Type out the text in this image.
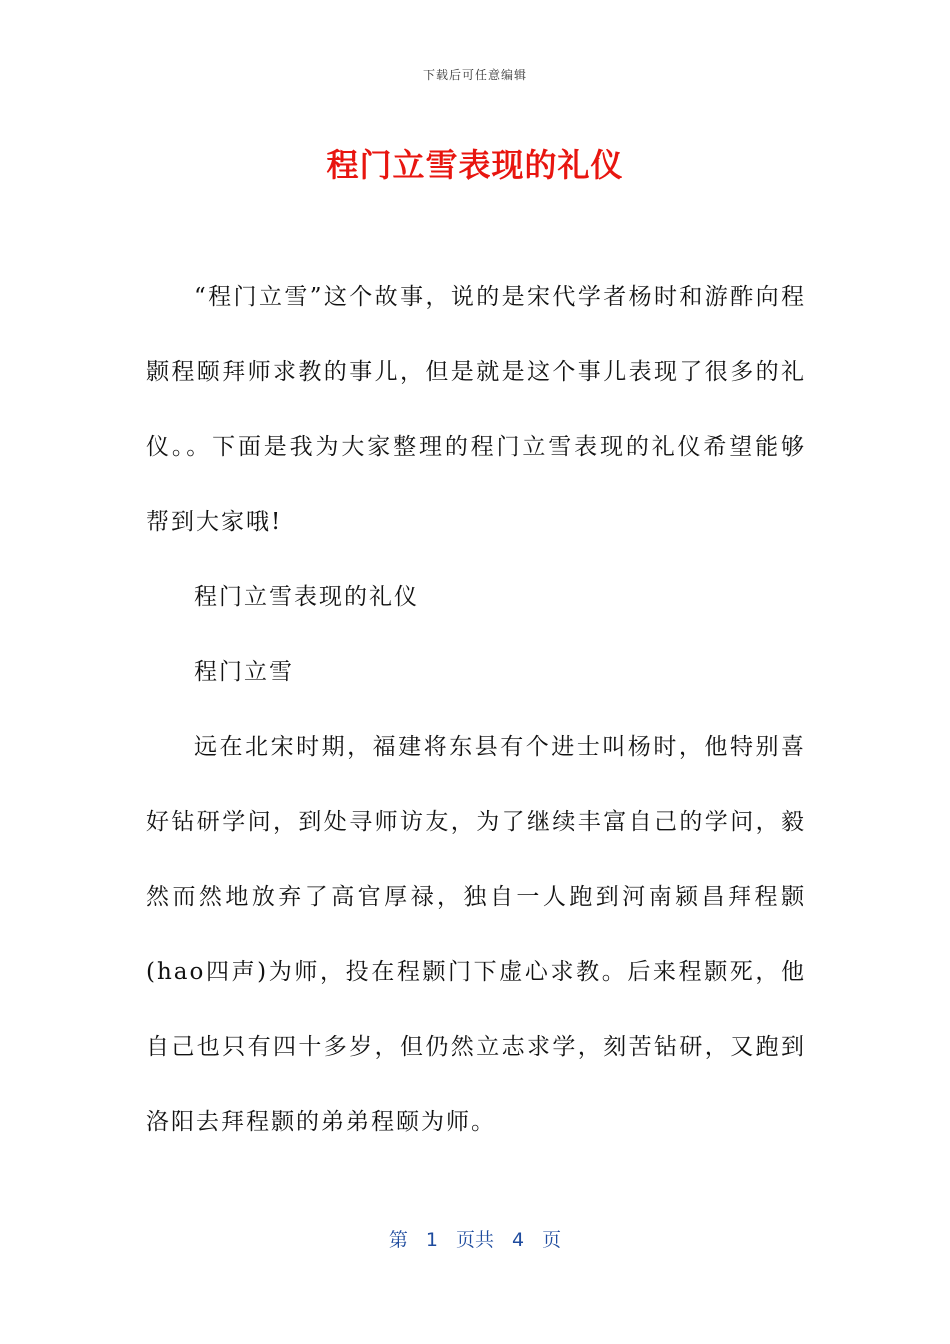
下载后可任意编辑
程门立雪表现的礼仪

“程门立雪”这个故事，说的是宋代学者杨时和游酢向程颢程颐拜师求教的事儿，但是就是这个事儿表现了很多的礼仪。。下面是我为大家整理的程门立雪表现的礼仪希望能够帮到大家哦!

程门立雪表现的礼仪

程门立雪

远在北宋时期，福建将东县有个进士叫杨时，他特别喜好钻研学问，到处寻师访友，为了继续丰富自己的学问，毅然而然地放弃了高官厚禄，独自一人跑到河南颍昌拜程颢(hao四声)为师，投在程颢门下虚心求教。后来程颢死，他自己也只有四十多岁，但仍然立志求学，刻苦钻研，又跑到洛阳去拜程颢的弟弟程颐为师。

第 1 页共 4 页
